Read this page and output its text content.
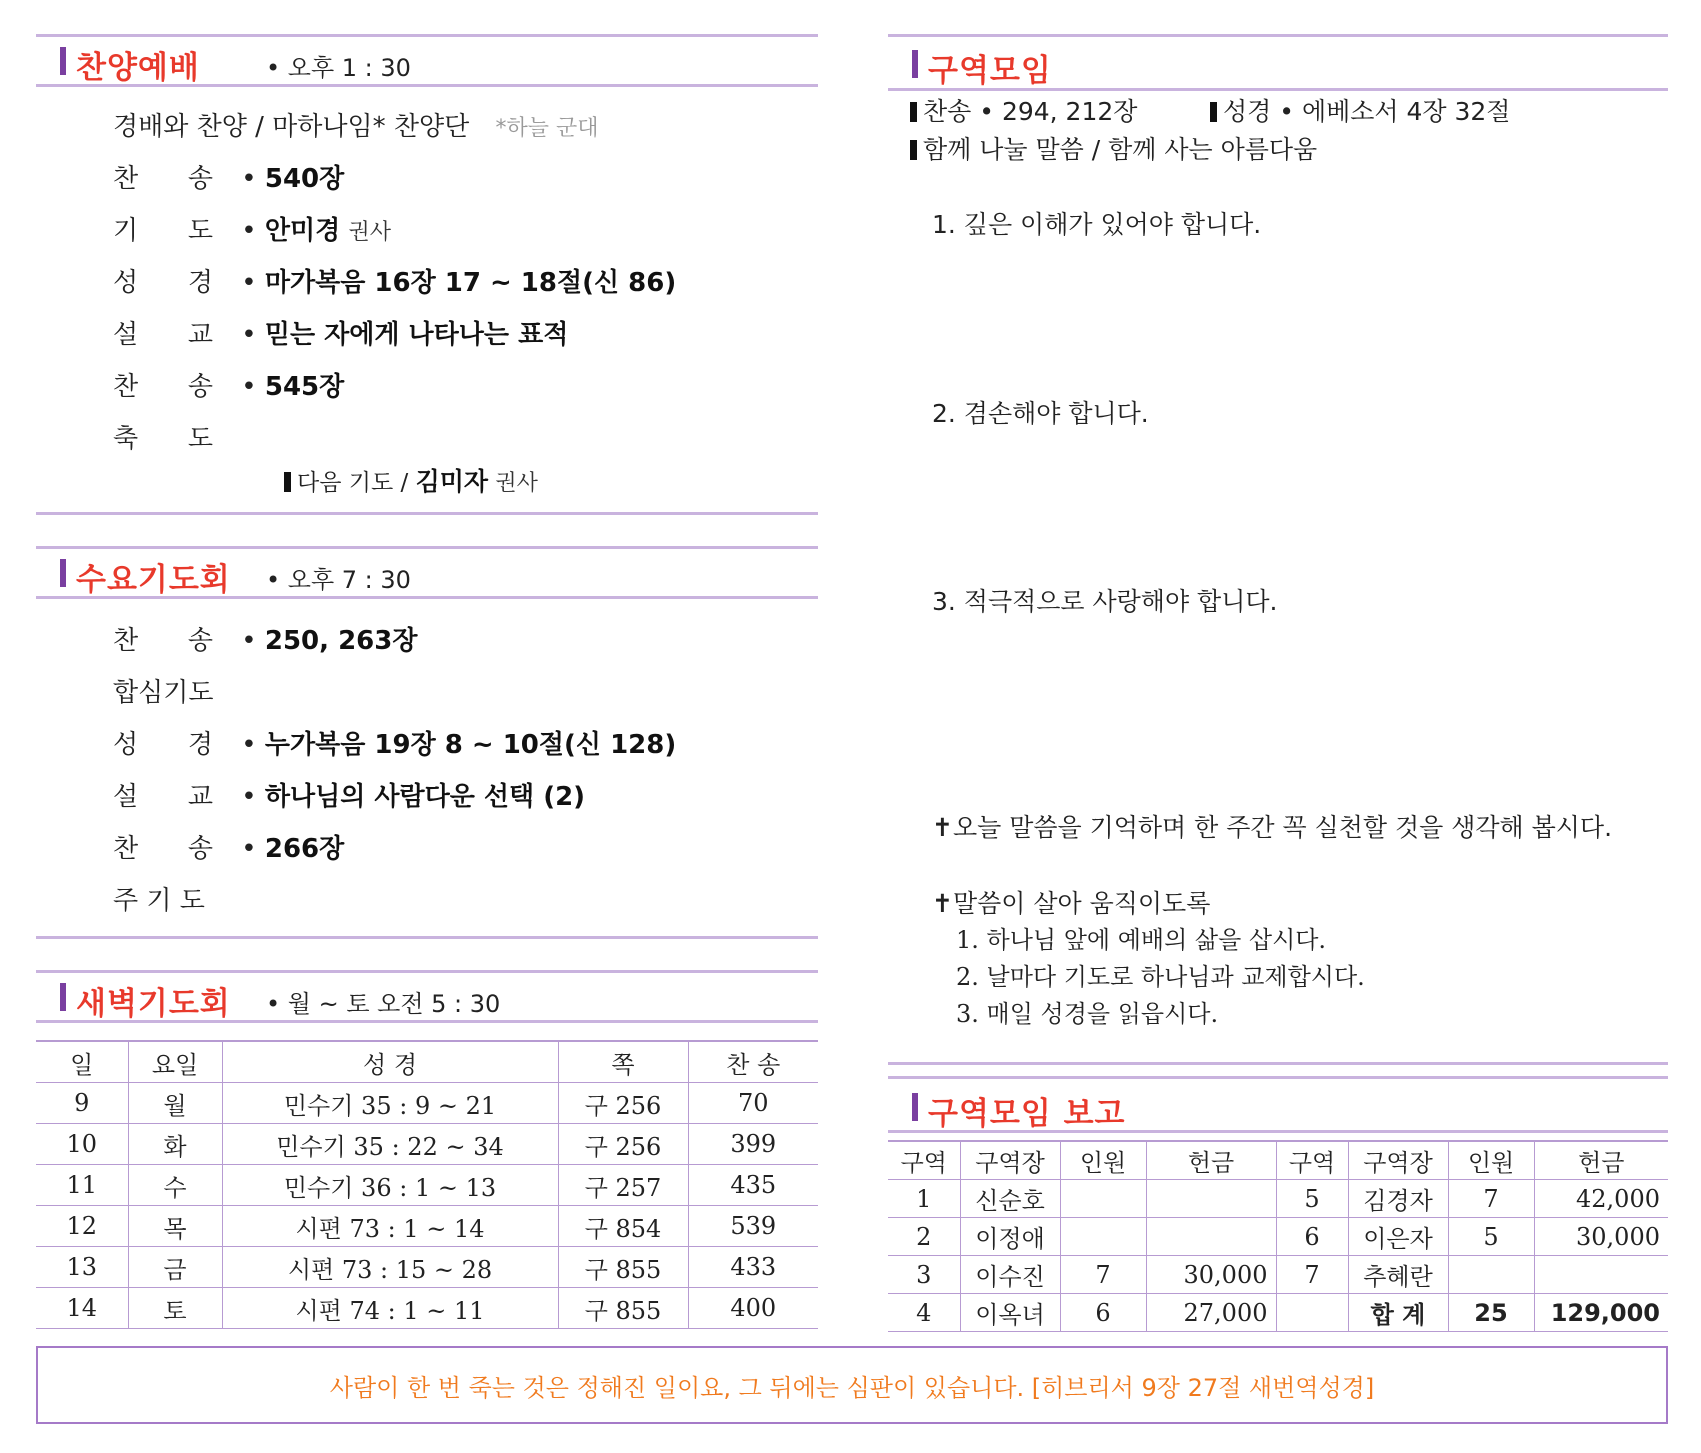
찬양예배	• 오후 1 : 30
경배와 찬양 / 마하나임* 찬양단 *하늘 군대
찬 송 • 540장
기 도 • 안미경 권사
성 경 • 마가복음 16장 17 ~ 18절(신 86)
설 교 • 믿는 자에게 나타나는 표적
찬 송 • 545장
축 도
다음 기도 / 김미자 권사
수요기도회 • 오후 7 : 30
찬 송 • 250, 263장
합심기도
성 경 • 누가복음 19장 8 ~ 10절(신 128)
설 교 • 하나님의 사람다운 선택 (2)
찬 송 • 266장
주 기 도
새벽기도회 • 월 ~ 토 오전 5 : 30
일	요일	성 경	쪽	찬 송
9	월	민수기 35 : 9 ~ 21	구 256	70
10	화	민수기 35 : 22 ~ 34	구 256	399
11	수	민수기 36 : 1 ~ 13	구 257	435
12	목	시편 73 : 1 ~ 14	구 854	539
13	금	시편 73 : 15 ~ 28	구 855	433
14	토	시편 74 : 1 ~ 11	구 855	400
구역모임
찬송 • 294, 212장	성경 • 에베소서 4장 32절
함께 나눌 말씀 / 함께 사는 아름다움
1. 깊은 이해가 있어야 합니다.
2. 겸손해야 합니다.
3. 적극적으로 사랑해야 합니다.
✝오늘 말씀을 기억하며 한 주간 꼭 실천할 것을 생각해 봅시다.
✝말씀이 살아 움직이도록
1. 하나님 앞에 예배의 삶을 삽시다.
2. 날마다 기도로 하나님과 교제합시다.
3. 매일 성경을 읽읍시다.
구역모임 보고
구역	구역장	인원	헌금	구역	구역장	인원	헌금
1	신순호			5	김경자	7	42,000
2	이정애			6	이은자	5	30,000
3	이수진	7	30,000	7	추혜란		
4	이옥녀	6	27,000		합 계	25	129,000
사람이 한 번 죽는 것은 정해진 일이요, 그 뒤에는 심판이 있습니다. [히브리서 9장 27절 새번역성경]
